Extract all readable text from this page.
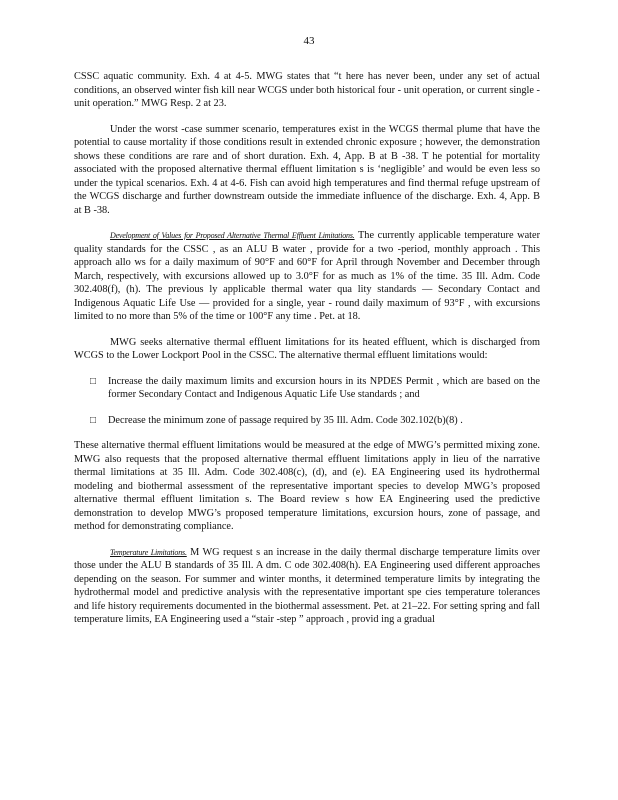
43

CSSC aquatic community. Exh. 4 at 4-5. MWG states that “t here has never been, under any set of actual conditions, an observed winter fish kill near WCGS under both historical four - unit operation, or current single -unit operation.” MWG Resp. 2 at 23.

Under the worst -case summer scenario, temperatures exist in the WCGS thermal plume that have the potential to cause mortality if those conditions result in extended chronic exposure ; however, the demonstration shows these conditions are rare and of short duration. Exh. 4, App. B at B -38. T he potential for mortality associated with the proposed alternative thermal effluent limitation s is ‘negligible’ and would be even less so under the typical scenarios. Exh. 4 at 4-6. Fish can avoid high temperatures and find thermal refuge upstream of the WCGS discharge and further downstream outside the immediate influence of the discharge. Exh. 4, App. B at B -38.

Development of Values for Proposed Alternative Thermal Effluent Limitations. The currently applicable temperature water quality standards for the CSSC , as an ALU B water , provide for a two -period, monthly approach . This approach allo ws for a daily maximum of 90°F and 60°F for April through November and December through March, respectively, with excursions allowed up to 3.0°F for as much as 1% of the time. 35 Ill. Adm. Code 302.408(f), (h). The previous ly applicable thermal water qua lity standards — Secondary Contact and Indigenous Aquatic Life Use — provided for a single, year - round daily maximum of 93°F , with excursions limited to no more than 5% of the time or 100°F any time . Pet. at 18.

MWG seeks alternative thermal effluent limitations for its heated effluent, which is discharged from WCGS to the Lower Lockport Pool in the CSSC. The alternative thermal effluent limitations would:

□ Increase the daily maximum limits and excursion hours in its NPDES Permit , which are based on the former Secondary Contact and Indigenous Aquatic Life Use standards ; and
□ Decrease the minimum zone of passage required by 35 Ill. Adm. Code 302.102(b)(8) .

These alternative thermal effluent limitations would be measured at the edge of MWG’s permitted mixing zone. MWG also requests that the proposed alternative thermal effluent limitations apply in lieu of the narrative thermal limitations at 35 Ill. Adm. Code 302.408(c), (d), and (e). EA Engineering used its hydrothermal modeling and biothermal assessment of the representative important species to develop MWG’s proposed alternative thermal effluent limitation s. The Board review s how EA Engineering used the predictive demonstration to develop MWG’s proposed temperature limitations, excursion hours, zone of passage, and method for demonstrating compliance.

Temperature Limitations. M WG request s an increase in the daily thermal discharge temperature limits over those under the ALU B standards of 35 Ill. A dm. C ode 302.408(h). EA Engineering used different approaches depending on the season. For summer and winter months, it determined temperature limits by integrating the hydrothermal model and predictive analysis with the representative important spe cies temperature tolerances and life history requirements documented in the biothermal assessment. Pet. at 21–22. For setting spring and fall temperature limits, EA Engineering used a “stair -step ” approach , provid ing a gradual
